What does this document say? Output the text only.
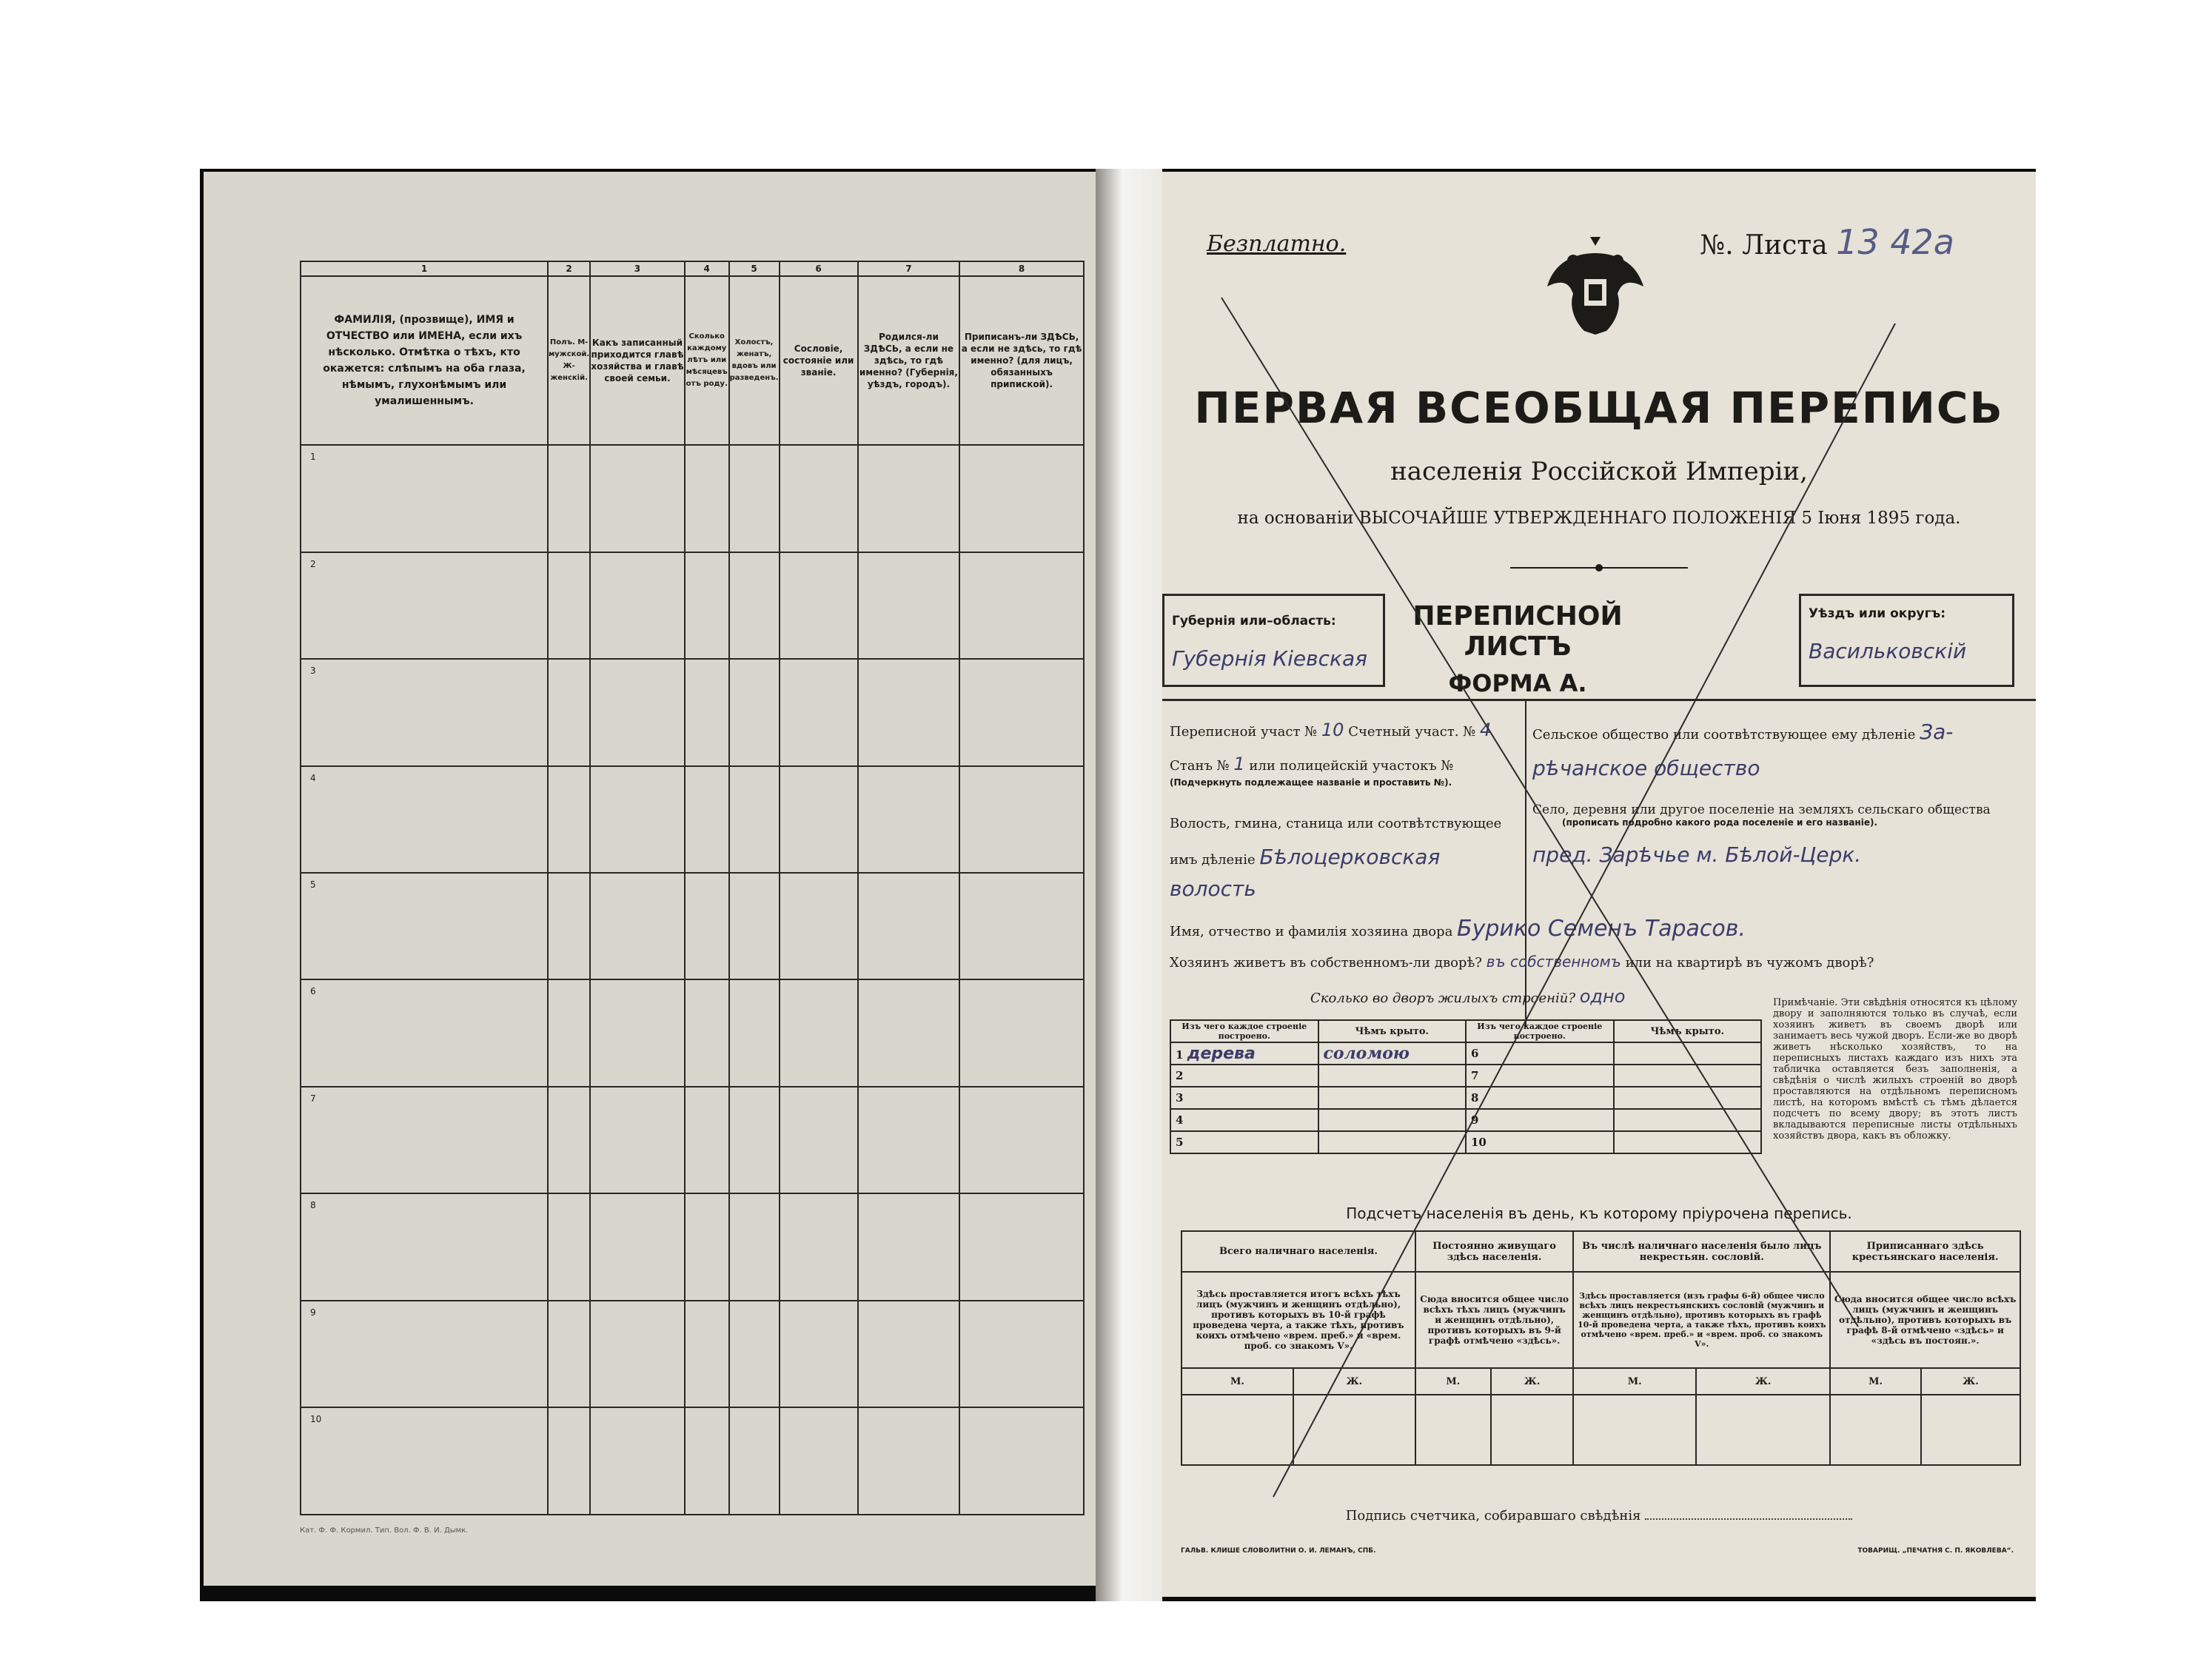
1	2	3	4	5	6	7	8
ФАМИЛІЯ, (прозвище), ИМЯ и ОТЧЕСТВО или ИМЕНА, если ихъ нѣсколько. Отмѣтка о тѣхъ, кто окажется: слѣпымъ на оба глаза, нѣмымъ, глухонѣмымъ или умалишеннымъ.	Полъ. М-мужской. Ж-женскій.	Какъ записанный приходится главѣ хозяйства и главѣ своей семьи.	Сколько каждому лѣтъ или мѣсяцевъ отъ роду.	Холостъ, женатъ, вдовъ или разведенъ.	Сословіе, состояніе или званіе.	Родился-ли ЗДѢСЬ, а если не здѣсь, то гдѣ именно? (Губернія, уѣздъ, городъ).	Приписанъ-ли ЗДѢСЬ, а если не здѣсь, то гдѣ именно? (для лицъ, обязанныхъ припиской).
1							
2							
3							
4							
5							
6							
7							
8							
9							
10							
Кат. Ф. Ф. Кормил. Тип. Вол. Ф. В. И. Дымк.
Безплатно.	№. Листа 13 42а
ПЕРВАЯ ВСЕОБЩАЯ ПЕРЕПИСЬ
населенія Россійской Имперіи,
на основаніи ВЫСОЧАЙШЕ УТВЕРЖДЕННАГО ПОЛОЖЕНІЯ 5 Іюня 1895 года.
Губернія или–область:
Губернія Кіевская
ПЕРЕПИСНОЙ ЛИСТЪ
ФОРМА А.
Уѣздъ или округъ:
Васильковскій
Переписной участ № 10 Счетный участ. № 4
Станъ № 1 или полицейскій участокъ №
(Подчеркнуть подлежащее названіе и проставить №).
Волость, гмина, станица или соотвѣтствующее
имъ дѣленіе Бѣлоцерковская
волость
Сельское общество или соотвѣтствующее ему дѣленіе За-
рѣчанское общество
Село, деревня или другое поселеніе на земляхъ сельскаго общества
(прописать подробно какого рода поселеніе и его названіе).
пред. Зарѣчье м. Бѣлой-Церк.
Имя, отчество и фамилія хозяина двора Бурико Семенъ Тарасов.
Хозяинъ живетъ въ собственномъ-ли дворѣ? въ собственномъ или на квартирѣ въ чужомъ дворѣ?
Сколько во дворъ жилыхъ строеній? одно
Изъ чего каждое строеніе построено.	Чѣмъ крыто.	Изъ чего каждое строеніе построено.	Чѣмъ крыто.
1 дерева	соломою	6	
2		7	
3		8	
4		9	
5		10	
Примѣчаніе. Эти свѣдѣнія относятся къ цѣлому двору и заполняются только въ случаѣ, если хозяинъ живетъ въ своемъ дворѣ или занимаетъ весь чужой дворъ. Если-же во дворѣ живетъ нѣсколько хозяйствъ, то на переписныхъ листахъ каждаго изъ нихъ эта табличка оставляется безъ заполненія, а свѣдѣнія о числѣ жилыхъ строеній во дворѣ проставляются на отдѣльномъ переписномъ листѣ, на которомъ вмѣстѣ съ тѣмъ дѣлается подсчетъ по всему двору; въ этотъ листъ вкладываются переписные листы отдѣльныхъ хозяйствъ двора, какъ въ обложку.
Подсчетъ населенія въ день, къ которому пріурочена перепись.
Всего наличнаго населенія.		Постоянно живущаго здѣсь населенія.		Въ числѣ наличнаго населенія было лицъ некрестьян. сословій.		Приписаннаго здѣсь крестьянскаго населенія.	
Здѣсь проставляется итогъ всѣхъ тѣхъ лицъ (мужчинъ и женщинъ отдѣльно), противъ которыхъ въ 10-й графѣ проведена черта, а также тѣхъ, противъ коихъ отмѣчено «врем. преб.» и «врем. проб. со знакомъ V».		Сюда вносится общее число всѣхъ тѣхъ лицъ (мужчинъ и женщинъ отдѣльно), противъ которыхъ въ 9-й графѣ отмѣчено «здѣсь».		Здѣсь проставляется (изъ графы 6-й) общее число всѣхъ лицъ некрестьянскихъ сословій (мужчинъ и женщинъ отдѣльно), противъ которыхъ въ графѣ 10-й проведена черта, а также тѣхъ, противъ коихъ отмѣчено «врем. преб.» и «врем. проб. со знакомъ V».		Сюда вносится общее число всѣхъ лицъ (мужчинъ и женщинъ отдѣльно), противъ которыхъ въ графѣ 8-й отмѣчено «здѣсь» и «здѣсь въ постоян.».	
М.	Ж.	М.	Ж.	М.	Ж.	М.	Ж.

Подпись счетчика, собиравшаго свѣдѣнія
ГАЛЬВ. КЛИШЕ СЛОВОЛИТНИ О. И. ЛЕМАНЪ, СПБ.	ТОВАРИЩ. „ПЕЧАТНЯ С. П. ЯКОВЛЕВА“.
